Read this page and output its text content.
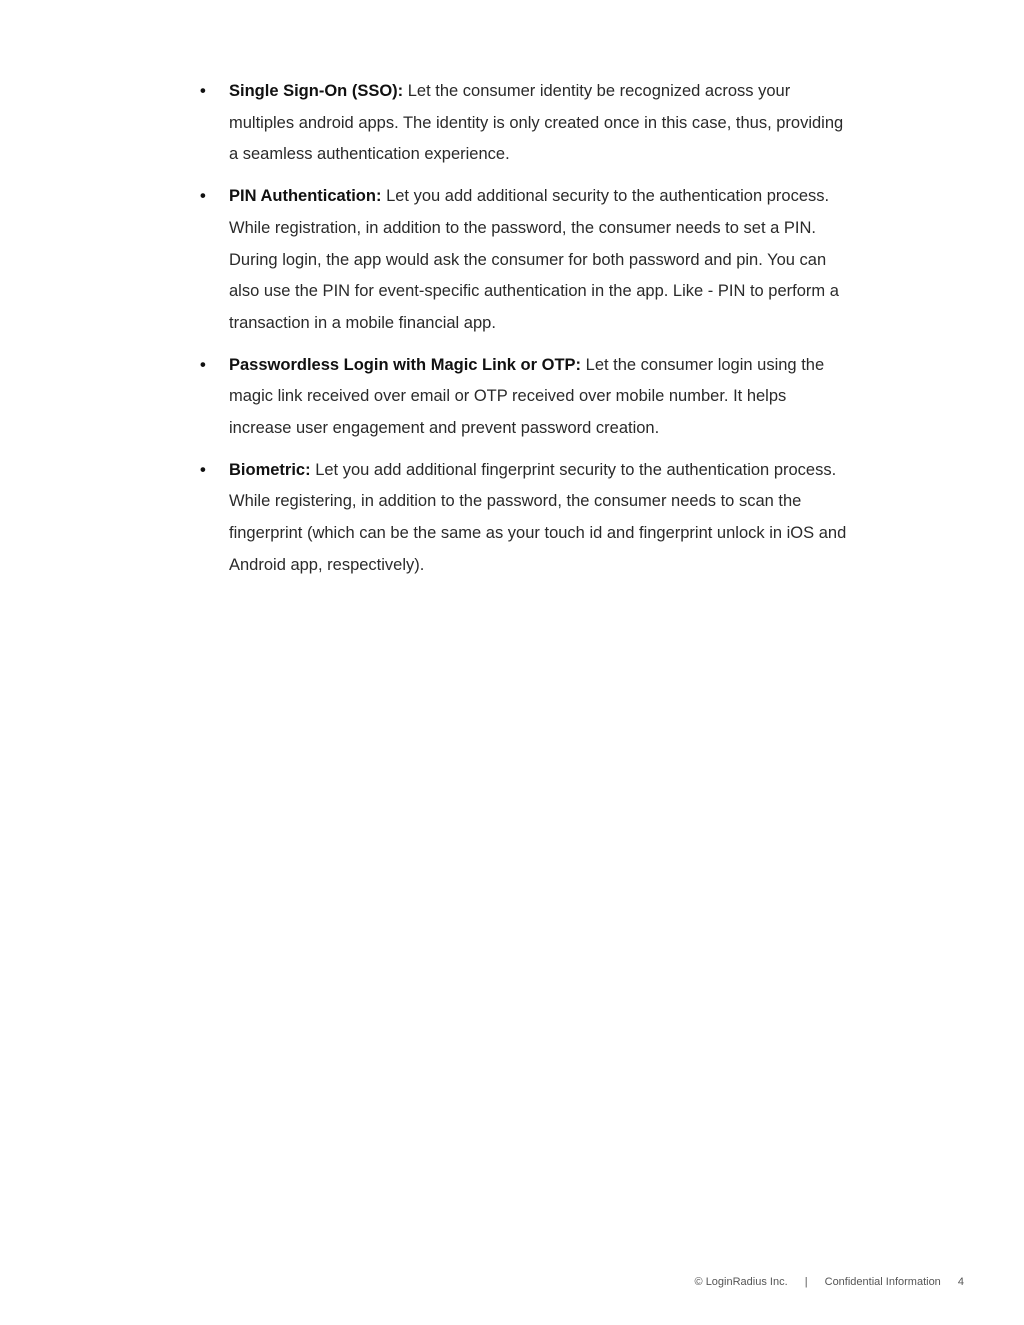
• Single Sign-On (SSO): Let the consumer identity be recognized across your multiples android apps. The identity is only created once in this case, thus, providing a seamless authentication experience.
• PIN Authentication: Let you add additional security to the authentication process. While registration, in addition to the password, the consumer needs to set a PIN. During login, the app would ask the consumer for both password and pin. You can also use the PIN for event-specific authentication in the app. Like - PIN to perform a transaction in a mobile financial app.
• Passwordless Login with Magic Link or OTP: Let the consumer login using the magic link received over email or OTP received over mobile number. It helps increase user engagement and prevent password creation.
• Biometric: Let you add additional fingerprint security to the authentication process. While registering, in addition to the password, the consumer needs to scan the fingerprint (which can be the same as your touch id and fingerprint unlock in iOS and Android app, respectively).
© LoginRadius Inc. | Confidential Information 4
